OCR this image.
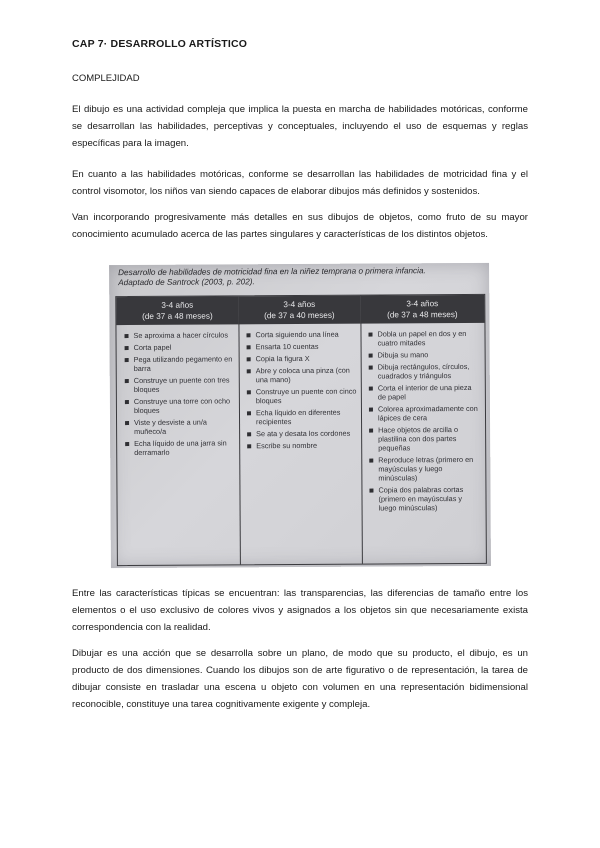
CAP 7· DESARROLLO ARTÍSTICO
COMPLEJIDAD

El dibujo es una actividad compleja que implica la puesta en marcha de habilidades motóricas, conforme se desarrollan las habilidades, perceptivas y conceptuales, incluyendo el uso de esquemas y reglas específicas para la imagen.

En cuanto a las habilidades motóricas, conforme se desarrollan las habilidades de motricidad fina y el control visomotor, los niños van siendo capaces de elaborar dibujos más definidos y sostenidos.

Van incorporando progresivamente más detalles en sus dibujos de objetos, como fruto de su mayor conocimiento acumulado acerca de las partes singulares y características de los distintos objetos.

Desarrollo de habilidades de motricidad fina en la niñez temprana o primera infancia.
Adaptado de Santrock (2003, p. 202).
3-4 años
(de 37 a 48 meses)
Se aproxima a hacer círculos
Corta papel
Pega utilizando pegamento en barra
Construye un puente con tres bloques
Construye una torre con ocho bloques
Viste y desviste a un/a muñeco/a
Echa líquido de una jarra sin derramarlo
3-4 años
(de 37 a 40 meses)
Corta siguiendo una línea
Ensarta 10 cuentas
Copia la figura X
Abre y coloca una pinza (con una mano)
Construye un puente con cinco bloques
Echa líquido en diferentes recipientes
Se ata y desata los cordones
Escribe su nombre
3-4 años
(de 37 a 48 meses)
Dobla un papel en dos y en cuatro mitades
Dibuja su mano
Dibuja rectángulos, círculos, cuadrados y triángulos
Corta el interior de una pieza de papel
Colorea aproximadamente con lápices de cera
Hace objetos de arcilla o plastilina con dos partes pequeñas
Reproduce letras (primero en mayúsculas y luego minúsculas)
Copia dos palabras cortas (primero en mayúsculas y luego minúsculas)

Entre las características típicas se encuentran: las transparencias, las diferencias de tamaño entre los elementos o el uso exclusivo de colores vivos y asignados a los objetos sin que necesariamente exista correspondencia con la realidad.

Dibujar es una acción que se desarrolla sobre un plano, de modo que su producto, el dibujo, es un producto de dos dimensiones. Cuando los dibujos son de arte figurativo o de representación, la tarea de dibujar consiste en trasladar una escena u objeto con volumen en una representación bidimensional reconocible, constituye una tarea cognitivamente exigente y compleja.
